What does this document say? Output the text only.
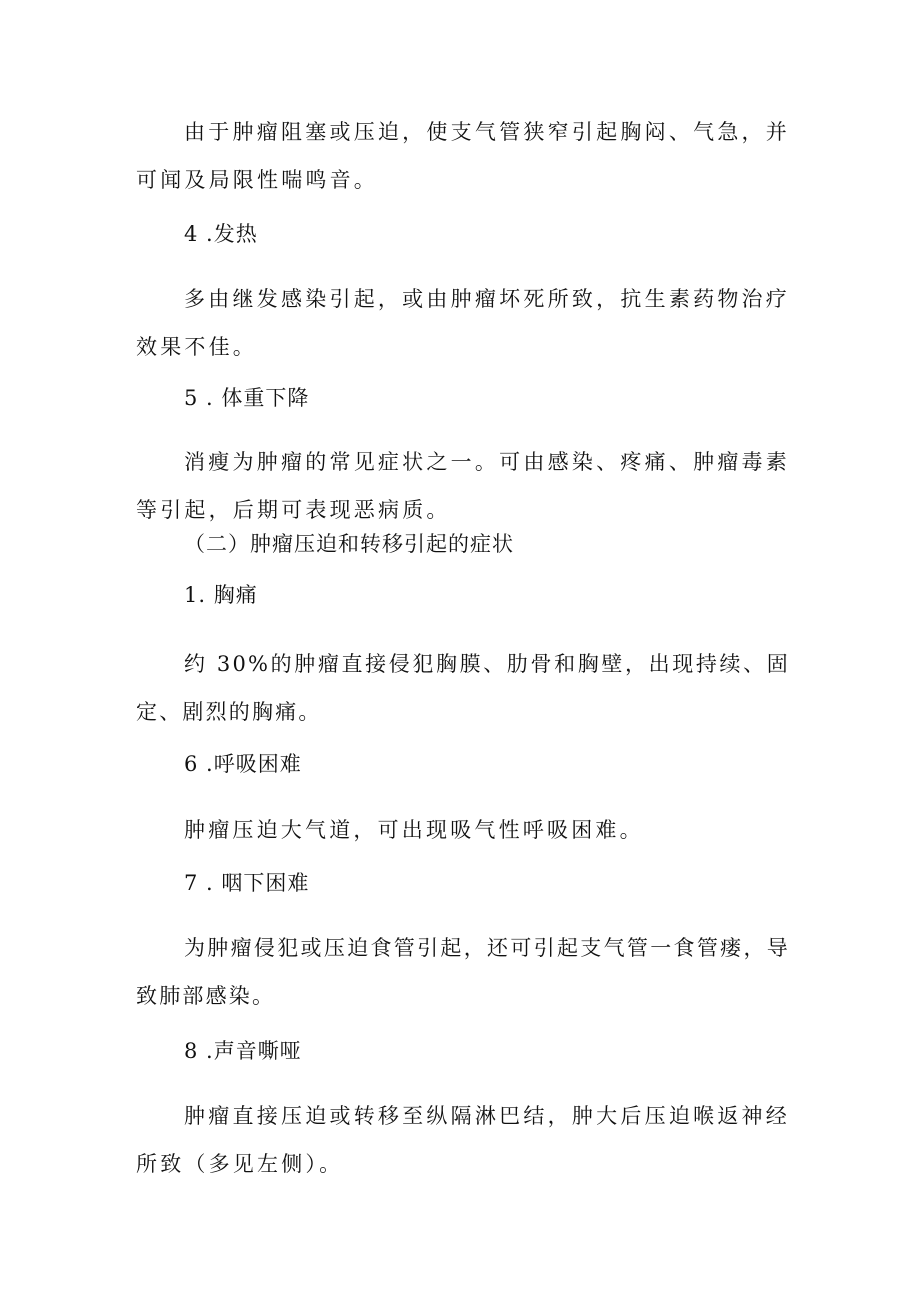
由于肿瘤阻塞或压迫，使支气管狭窄引起胸闷、气急，并可闻及局限性喘鸣音。
4 .发热
多由继发感染引起，或由肿瘤坏死所致，抗生素药物治疗效果不佳。
5 . 体重下降
消瘦为肿瘤的常见症状之一。可由感染、疼痛、肿瘤毒素等引起，后期可表现恶病质。
（二）肿瘤压迫和转移引起的症状
1. 胸痛
约 30%的肿瘤直接侵犯胸膜、肋骨和胸壁，出现持续、固定、剧烈的胸痛。
6 .呼吸困难
肿瘤压迫大气道，可出现吸气性呼吸困难。
7 . 咽下困难
为肿瘤侵犯或压迫食管引起，还可引起支气管一食管瘘，导致肺部感染。
8 .声音嘶哑
肿瘤直接压迫或转移至纵隔淋巴结，肿大后压迫喉返神经所致（多见左侧）。
